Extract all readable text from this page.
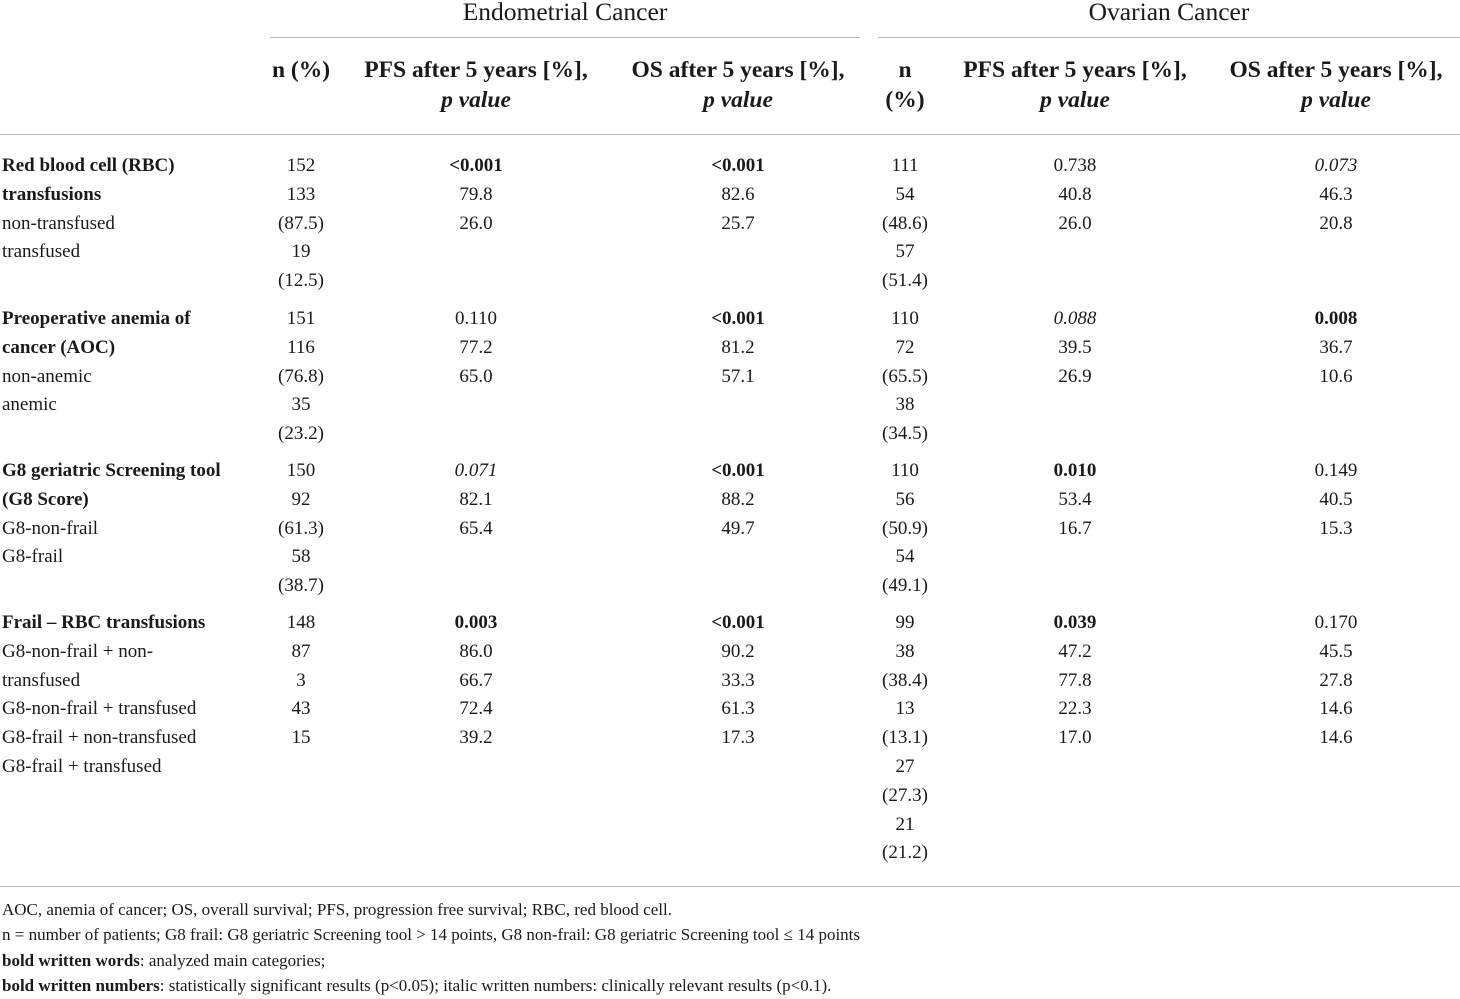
Endometrial Cancer	Ovarian Cancer
n (%)	PFS after 5 years [%],
p value
OS after 5 years [%],
p value
n
(%)
PFS after 5 years [%],
p value
OS after 5 years [%],
p value
Red blood cell (RBC)
transfusions
non-transfused
transfused
152
133
(87.5)
19
(12.5)
111
54
(48.6)
57
(51.4)
<0.001
79.8
26.0
<0.001
82.6
25.7
0.738
40.8
26.0
0.073
46.3
20.8
Preoperative anemia of
cancer (AOC)
non-anemic
anemic
151
116
(76.8)
35
(23.2)
110
72
(65.5)
38
(34.5)
0.110
77.2
65.0
<0.001
81.2
57.1
0.088
39.5
26.9
0.008
36.7
10.6
G8 geriatric Screening tool
(G8 Score)
G8-non-frail
G8-frail
150
92
(61.3)
58
(38.7)
110
56
(50.9)
54
(49.1)
0.071
82.1
65.4
<0.001
88.2
49.7
0.010
53.4
16.7
0.149
40.5
15.3
Frail – RBC transfusions
G8-non-frail + non-
transfused
G8-non-frail + transfused
G8-frail + non-transfused
G8-frail + transfused
148
87
3
43
15
99
38
(38.4)
13
(13.1)
27
(27.3)
21
(21.2)
0.003
86.0
66.7
72.4
39.2
<0.001
90.2
33.3
61.3
17.3
0.039
47.2
77.8
22.3
17.0
0.170
45.5
27.8
14.6
14.6
AOC, anemia of cancer; OS, overall survival; PFS, progression free survival; RBC, red blood cell.
n = number of patients; G8 frail: G8 geriatric Screening tool > 14 points, G8 non-frail: G8 geriatric Screening tool ≤ 14 points
bold written words: analyzed main categories;
bold written numbers: statistically significant results (p<0.05); italic written numbers: clinically relevant results (p<0.1).
